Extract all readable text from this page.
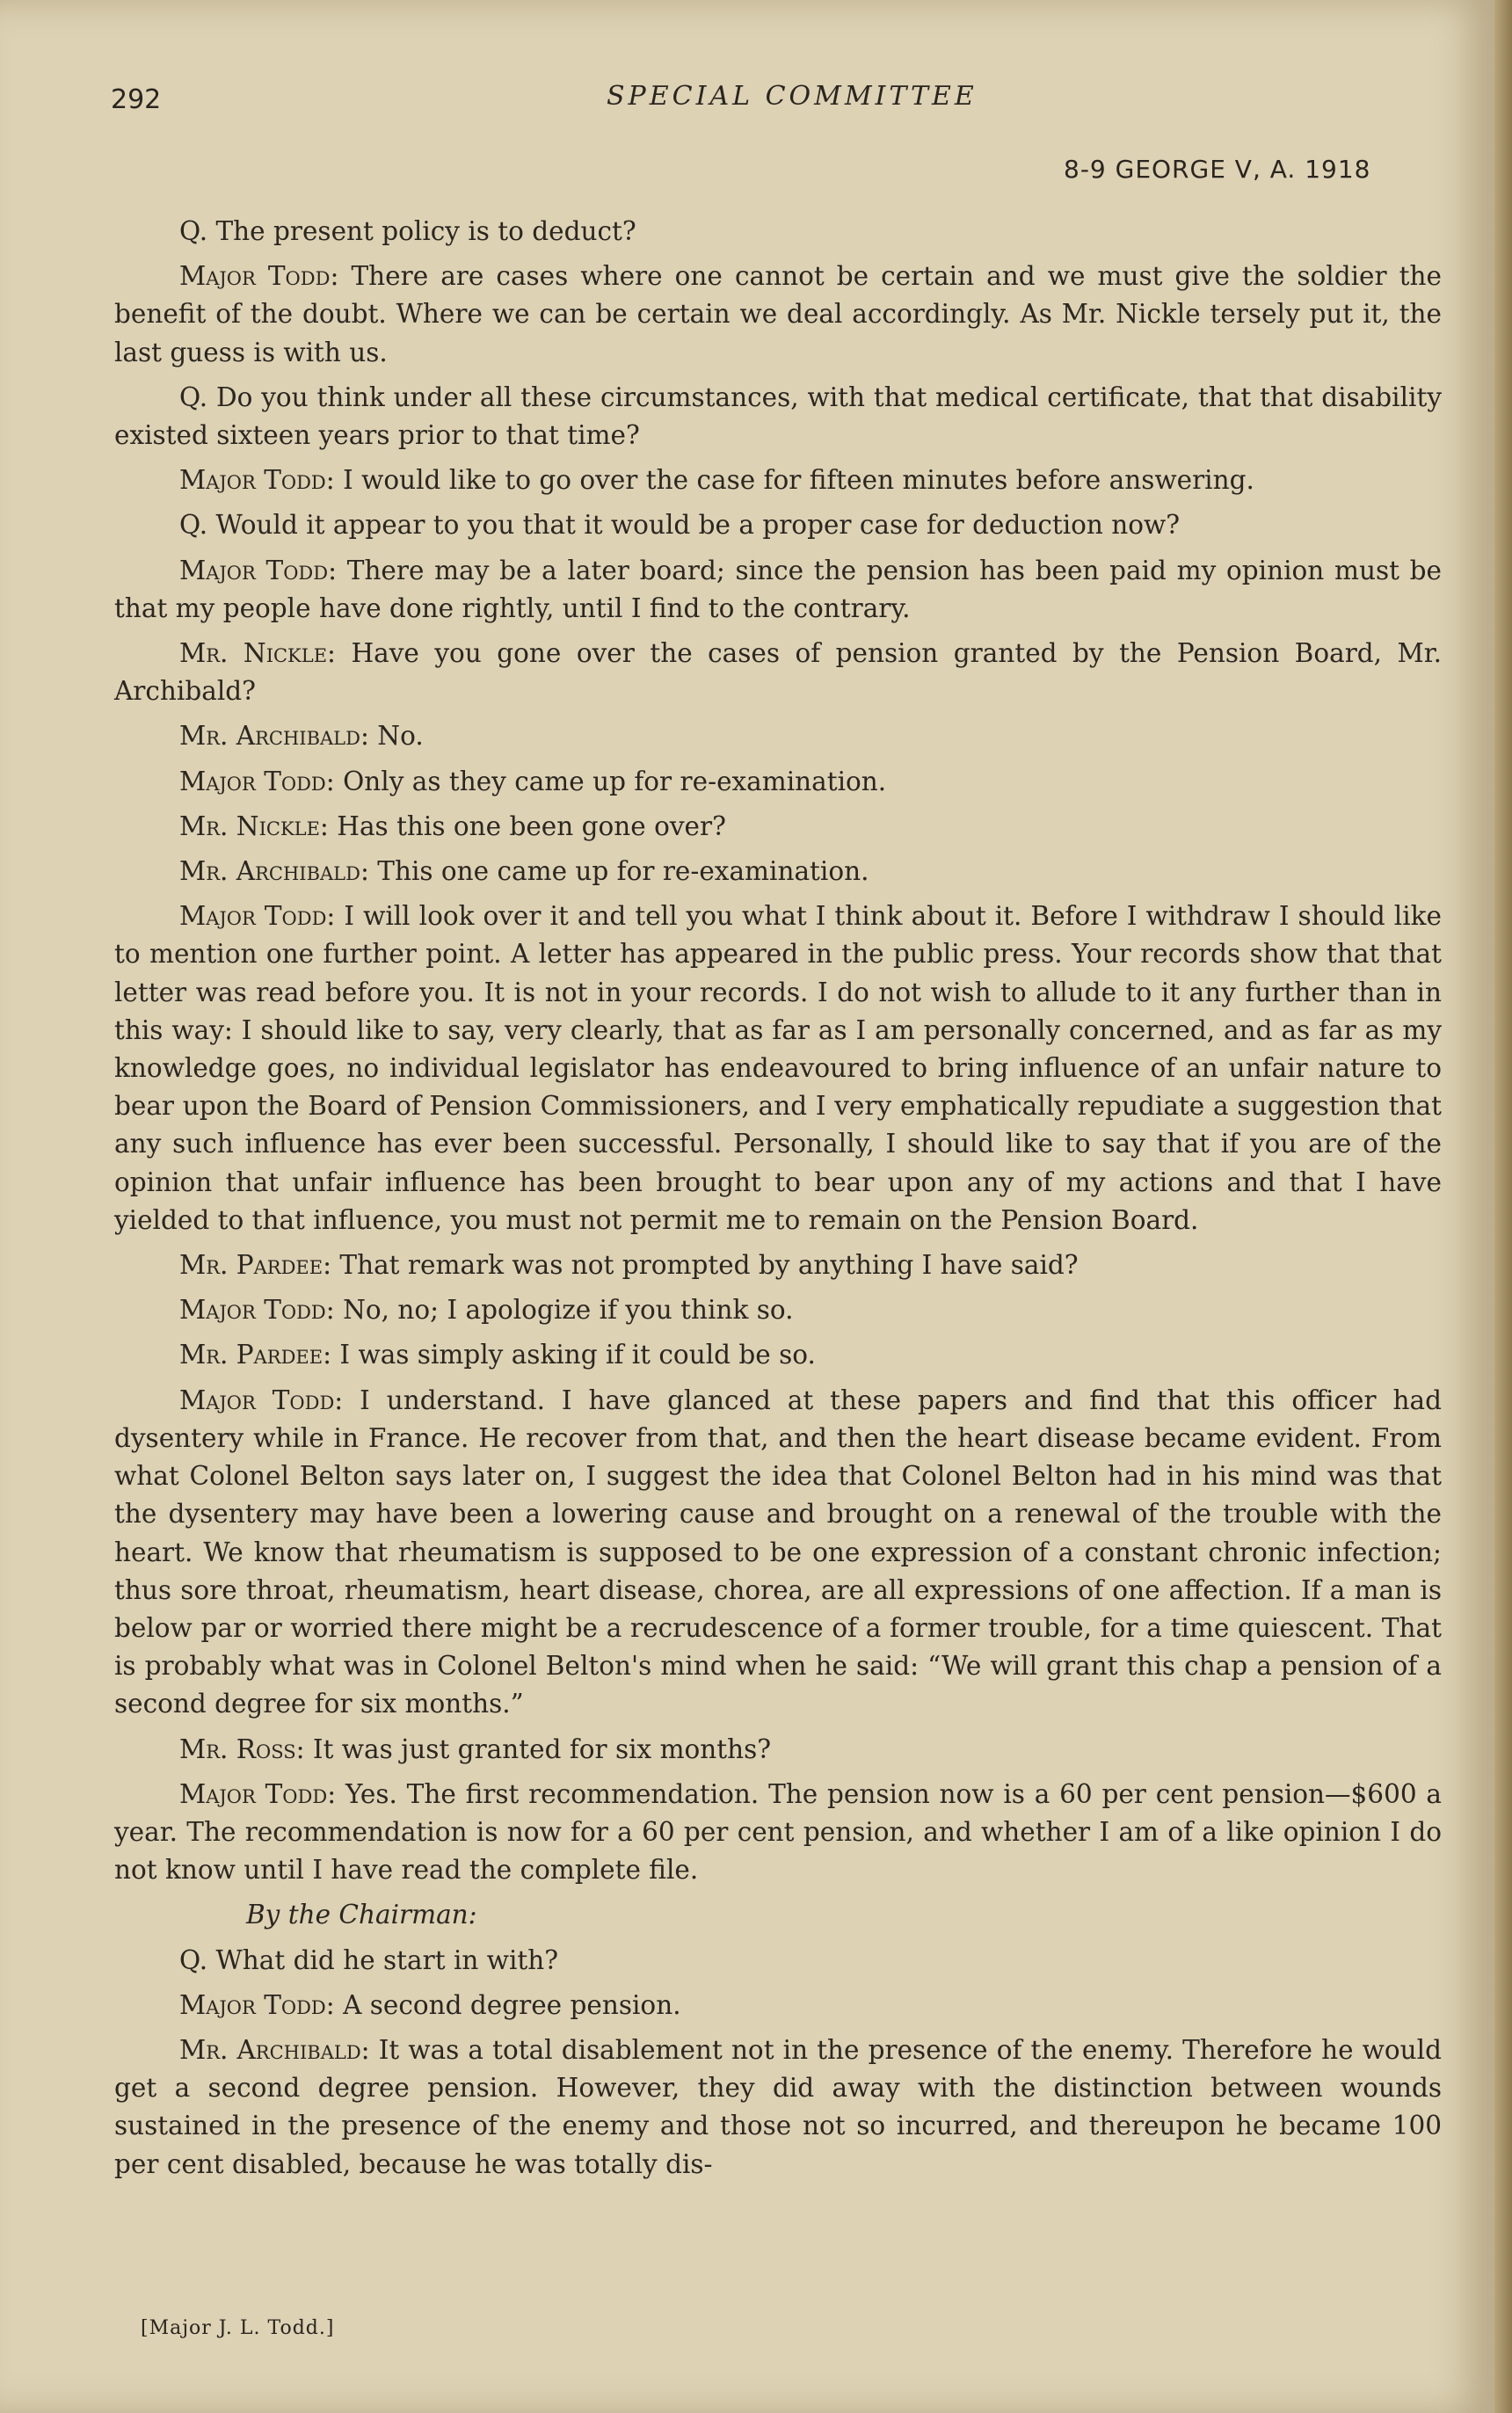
292	SPECIAL COMMITTEE
8-9 GEORGE V, A. 1918

Q. The present policy is to deduct?

Major Todd: There are cases where one cannot be certain and we must give the soldier the benefit of the doubt. Where we can be certain we deal accordingly. As Mr. Nickle tersely put it, the last guess is with us.

Q. Do you think under all these circumstances, with that medical certificate, that that disability existed sixteen years prior to that time?

Major Todd: I would like to go over the case for fifteen minutes before answering.

Q. Would it appear to you that it would be a proper case for deduction now?

Major Todd: There may be a later board; since the pension has been paid my opinion must be that my people have done rightly, until I find to the contrary.

Mr. Nickle: Have you gone over the cases of pension granted by the Pension Board, Mr. Archibald?

Mr. Archibald: No.

Major Todd: Only as they came up for re-examination.

Mr. Nickle: Has this one been gone over?

Mr. Archibald: This one came up for re-examination.

Major Todd: I will look over it and tell you what I think about it. Before I withdraw I should like to mention one further point. A letter has appeared in the public press. Your records show that that letter was read before you. It is not in your records. I do not wish to allude to it any further than in this way: I should like to say, very clearly, that as far as I am personally concerned, and as far as my knowledge goes, no individual legislator has endeavoured to bring influence of an unfair nature to bear upon the Board of Pension Commissioners, and I very emphatically repudiate a suggestion that any such influence has ever been successful. Personally, I should like to say that if you are of the opinion that unfair influence has been brought to bear upon any of my actions and that I have yielded to that influence, you must not permit me to remain on the Pension Board.

Mr. Pardee: That remark was not prompted by anything I have said?

Major Todd: No, no; I apologize if you think so.

Mr. Pardee: I was simply asking if it could be so.

Major Todd: I understand. I have glanced at these papers and find that this officer had dysentery while in France. He recover from that, and then the heart disease became evident. From what Colonel Belton says later on, I suggest the idea that Colonel Belton had in his mind was that the dysentery may have been a lowering cause and brought on a renewal of the trouble with the heart. We know that rheumatism is supposed to be one expression of a constant chronic infection; thus sore throat, rheumatism, heart disease, chorea, are all expressions of one affection. If a man is below par or worried there might be a recrudescence of a former trouble, for a time quiescent. That is probably what was in Colonel Belton's mind when he said: “We will grant this chap a pension of a second degree for six months.”

Mr. Ross: It was just granted for six months?

Major Todd: Yes. The first recommendation. The pension now is a 60 per cent pension—$600 a year. The recommendation is now for a 60 per cent pension, and whether I am of a like opinion I do not know until I have read the complete file.

By the Chairman:

Q. What did he start in with?

Major Todd: A second degree pension.

Mr. Archibald: It was a total disablement not in the presence of the enemy. Therefore he would get a second degree pension. However, they did away with the distinction between wounds sustained in the presence of the enemy and those not so incurred, and thereupon he became 100 per cent disabled, because he was totally dis-

[Major J. L. Todd.]
